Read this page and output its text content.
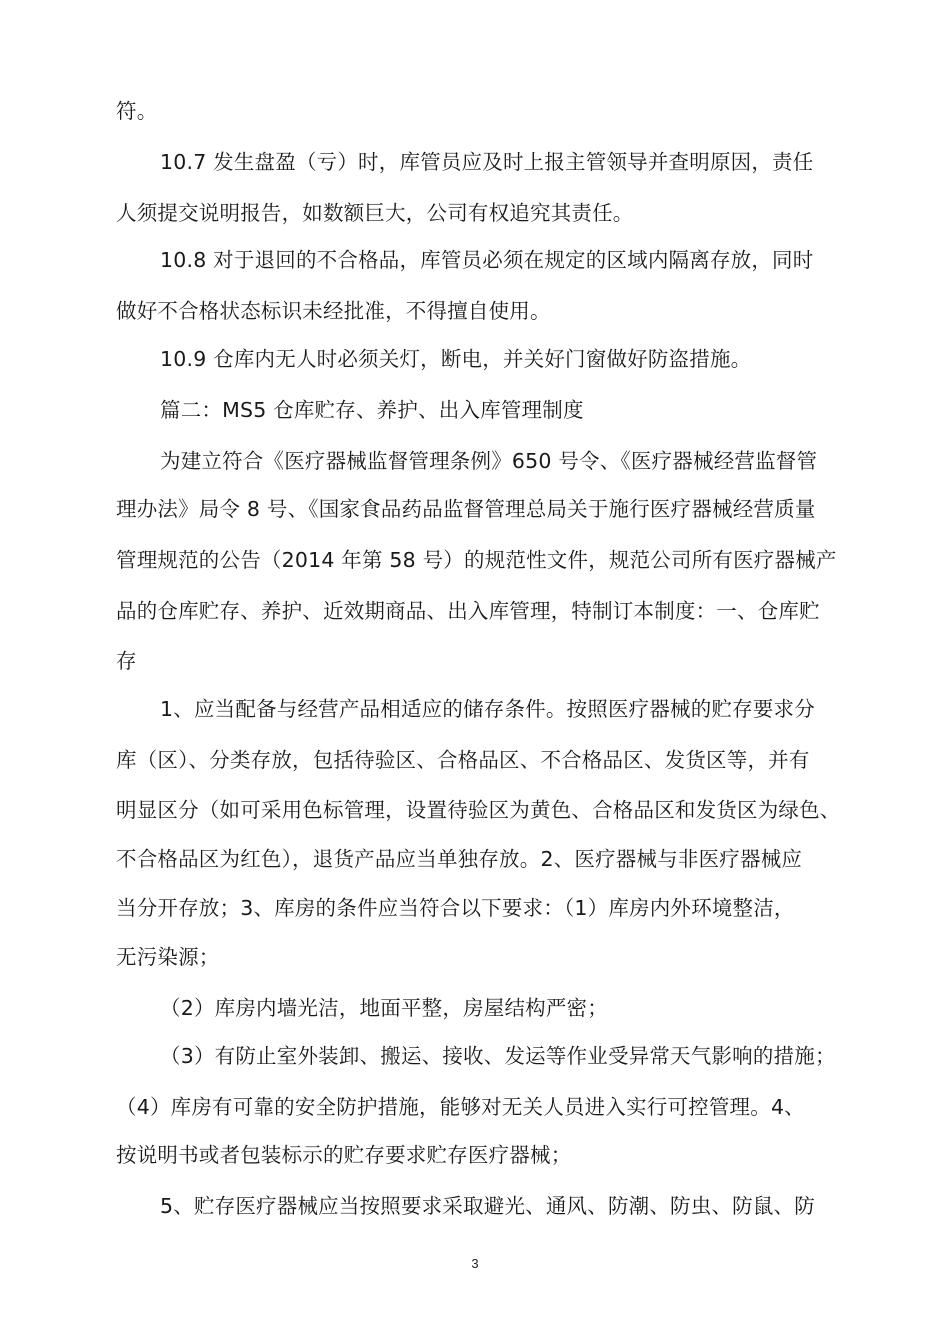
符。
10.7 发生盘盈（亏）时，库管员应及时上报主管领导并查明原因，责任
人须提交说明报告，如数额巨大，公司有权追究其责任。
10.8 对于退回的不合格品，库管员必须在规定的区域内隔离存放，同时
做好不合格状态标识未经批准，不得擅自使用。
10.9 仓库内无人时必须关灯，断电，并关好门窗做好防盗措施。
篇二：MS5 仓库贮存、养护、出入库管理制度
为建立符合《医疗器械监督管理条例》650 号令、《医疗器械经营监督管
理办法》局令 8 号、《国家食品药品监督管理总局关于施行医疗器械经营质量
管理规范的公告（2014 年第 58 号）的规范性文件，规范公司所有医疗器械产
品的仓库贮存、养护、近效期商品、出入库管理，特制订本制度：一、仓库贮
存
1、应当配备与经营产品相适应的储存条件。按照医疗器械的贮存要求分
库（区）、分类存放，包括待验区、合格品区、不合格品区、发货区等，并有
明显区分（如可采用色标管理，设置待验区为黄色、合格品区和发货区为绿色、
不合格品区为红色），退货产品应当单独存放。2、医疗器械与非医疗器械应
当分开存放；3、库房的条件应当符合以下要求：（1）库房内外环境整洁，
无污染源；
（2）库房内墙光洁，地面平整，房屋结构严密；
（3）有防止室外装卸、搬运、接收、发运等作业受异常天气影响的措施；
（4）库房有可靠的安全防护措施，能够对无关人员进入实行可控管理。4、
按说明书或者包装标示的贮存要求贮存医疗器械；
5、贮存医疗器械应当按照要求采取避光、通风、防潮、防虫、防鼠、防
3
